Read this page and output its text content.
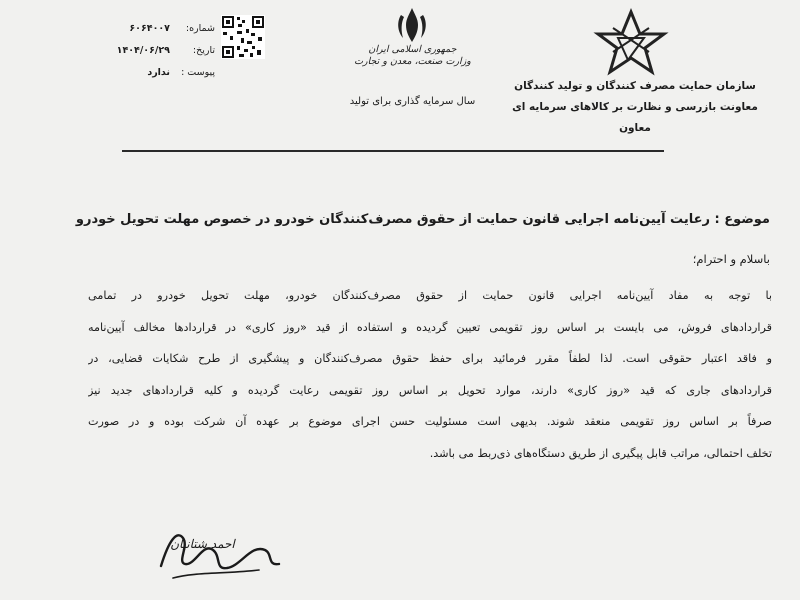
سازمان حمایت مصرف کنندگان و تولید کنندگان
معاونت بازرسی و نظارت بر کالاهای سرمایه ای
معاون
جمهوری اسلامی ایران
وزارت صنعت، معدن و تجارت
سال سرمایه گذاری برای تولید
شماره: ۶۰۶۴۰۰۷
تاریخ: ۱۴۰۴/۰۶/۲۹
پیوست : ندارد
موضوع : رعایت آیین‌نامه اجرایی قانون حمایت از حقوق مصرف‌کنندگان خودرو در خصوص مهلت تحویل خودرو
باسلام و احترام؛
با توجه به مفاد آیین‌نامه اجرایی قانون حمایت از حقوق مصرف‌کنندگان خودرو، مهلت تحویل خودرو در تمامی
قراردادهای فروش، می بایست بر اساس روز تقویمی تعیین گردیده و استفاده از قید «روز کاری» در قراردادها مخالف آیین‌نامه
و فاقد اعتبار حقوقی است. لذا لطفاً مقرر فرمائید برای حفظ حقوق مصرف‌کنندگان و پیشگیری از طرح شکایات قضایی، در
قراردادهای جاری که قید «روز کاری» دارند، موارد تحویل بر اساس روز تقویمی رعایت گردیده و کلیه قراردادهای جدید نیز
صرفاً بر اساس روز تقویمی منعقد شوند. بدیهی است مسئولیت حسن اجرای موضوع بر عهده آن شرکت بوده و در صورت
تخلف احتمالی، مراتب قابل پیگیری از طریق دستگاه‌های ذی‌ربط می باشد.
احمد شتانیان
